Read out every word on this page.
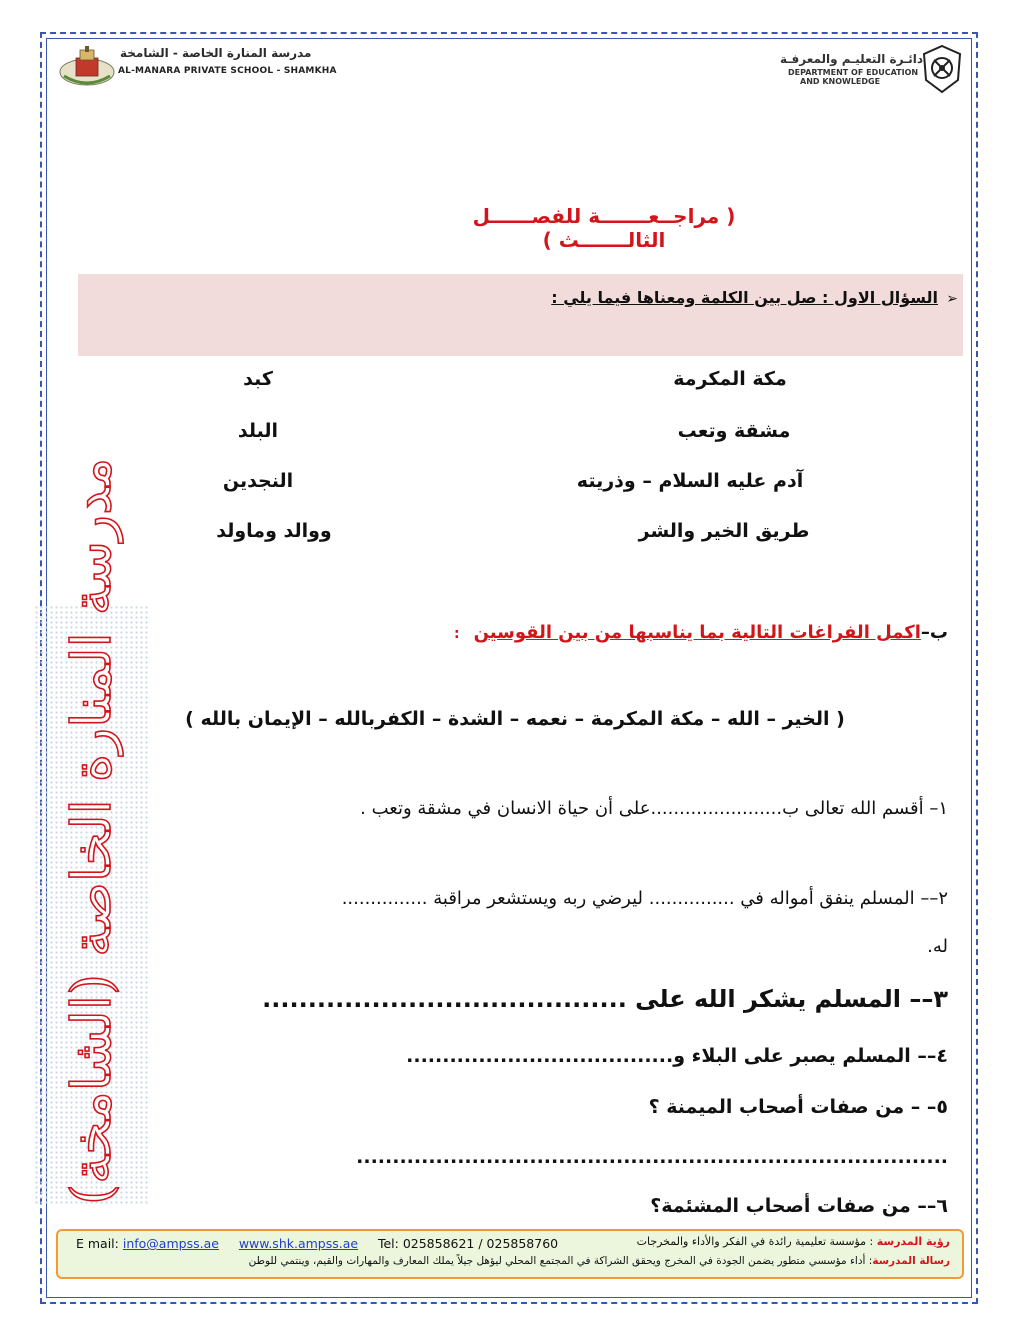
مدرسة المنارة الخاصة - الشامخة
AL-MANARA PRIVATE SCHOOL - SHAMKHA
دائـرة التعليـم والمعرفـة
DEPARTMENT OF EDUCATION
AND KNOWLEDGE
( مراجــعـــــــة للفصــــــل الثالـــــــث )
➢
السؤال الاول : صل بين الكلمة ومعناها فيما يلي :
مكة المكرمة
كبد
مشقة وتعب
البلد
آدم عليه السلام – وذريته
النجدين
طريق الخير والشر
ووالد وماولد
مدرسة المنارة الخاصة (الشامخة)	ب–اكمل الفراغات التالية بما يناسبها من بين القوسين:
( الخير – الله – مكة المكرمة – نعمه – الشدة – الكفربالله – الإيمان بالله )
١– أقسم الله تعالى ب.......................على أن حياة الانسان في مشقة وتعب .
٢–– المسلم ينفق أمواله في ............... ليرضي ربه ويستشعر مراقبة ...............
له.
٣–– المسلم يشكر الله على ........................................
٤–– المسلم يصبر على البلاء و.....................................
٥– – من صفات أصحاب الميمنة ؟
..................................................................................
٦–– من صفات أصحاب المشئمة؟
رؤية المدرسة : مؤسسة تعليمية رائدة في الفكر والأداء والمخرجات
رسالة المدرسة: أداء مؤسسي متطور يضمن الجودة في المخرج ويحقق الشراكة في المجتمع المحلي ليؤهل جيلاً يملك المعارف والمهارات والقيم، وينتمي للوطن
E mail: info@ampss.ae www.shk.ampss.ae Tel: 025858621 / 025858760
